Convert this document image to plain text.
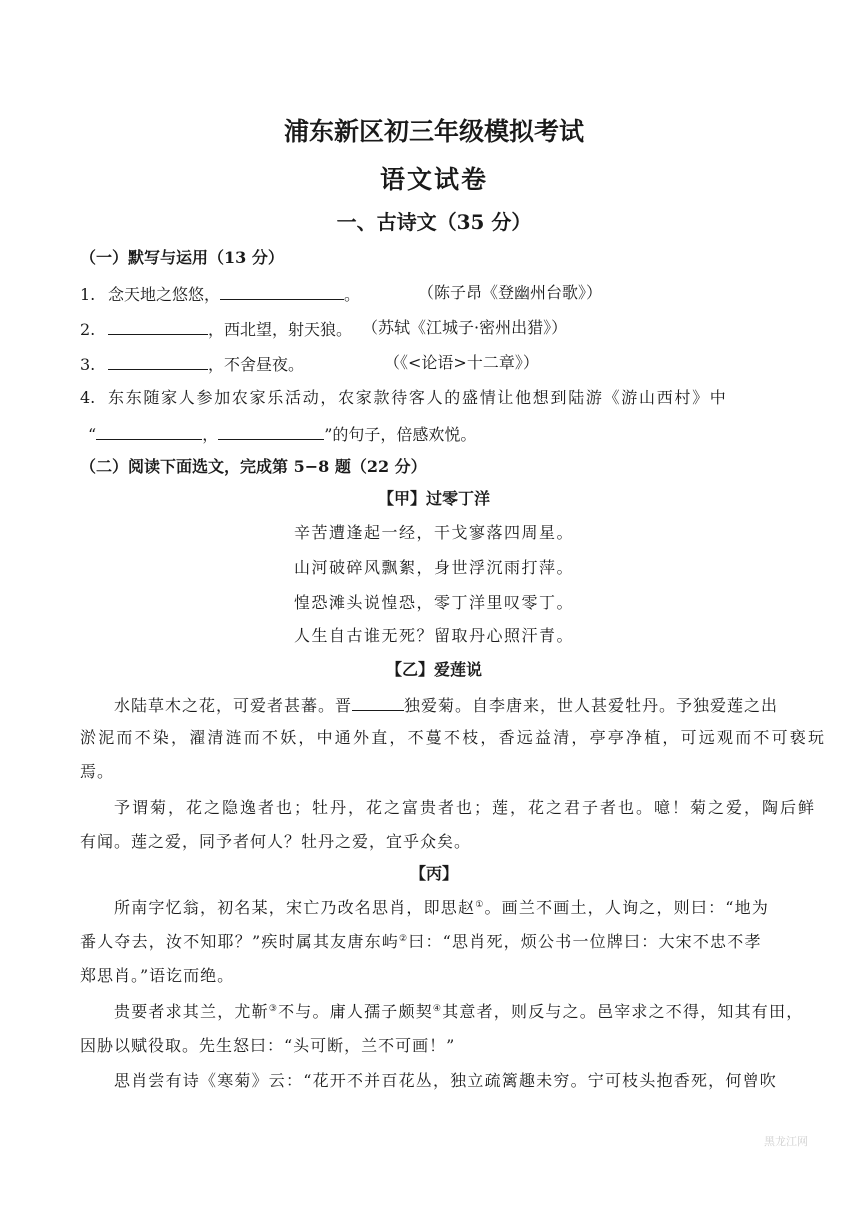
浦东新区初三年级模拟考试
语文试卷
一、古诗文（35 分）
（一）默写与运用（13 分）
1. 念天地之悠悠，	。	（陈子昂《登幽州台歌》）
2.	，西北望，射天狼。 （苏轼《江城子·密州出猎》）
3.	，不舍昼夜。	（《<论语>十二章》）
4. 东东随家人参加农家乐活动，农家款待客人的盛情让他想到陆游《游山西村》中
“	，	”的句子，倍感欢悦。
（二）阅读下面选文，完成第 5−8 题（22 分）
【甲】过零丁洋
辛苦遭逢起一经，干戈寥落四周星。
山河破碎风飘絮，身世浮沉雨打萍。
惶恐滩头说惶恐，零丁洋里叹零丁。
人生自古谁无死？留取丹心照汗青。
【乙】爱莲说
水陆草木之花，可爱者甚蕃。晋	独爱菊。自李唐来，世人甚爱牡丹。予独爱莲之出
淤泥而不染，濯清涟而不妖，中通外直，不蔓不枝，香远益清，亭亭净植，可远观而不可亵玩
焉。
予谓菊，花之隐逸者也；牡丹，花之富贵者也；莲，花之君子者也。噫！菊之爱，陶后鲜
有闻。莲之爱，同予者何人？牡丹之爱，宜乎众矣。
【丙】
所南字忆翁，初名某，宋亡乃改名思肖，即思赵①。画兰不画土，人询之，则曰：“地为
番人夺去，汝不知耶？”疾时属其友唐东屿②曰：“思肖死，烦公书一位牌曰：大宋不忠不孝
郑思肖。”语讫而绝。
贵要者求其兰，尤靳③不与。庸人孺子颇契④其意者，则反与之。邑宰求之不得，知其有田，
因胁以赋役取。先生怒曰：“头可断，兰不可画！”
思肖尝有诗《寒菊》云：“花开不并百花丛，独立疏篱趣未穷。宁可枝头抱香死，何曾吹
黑龙江网
